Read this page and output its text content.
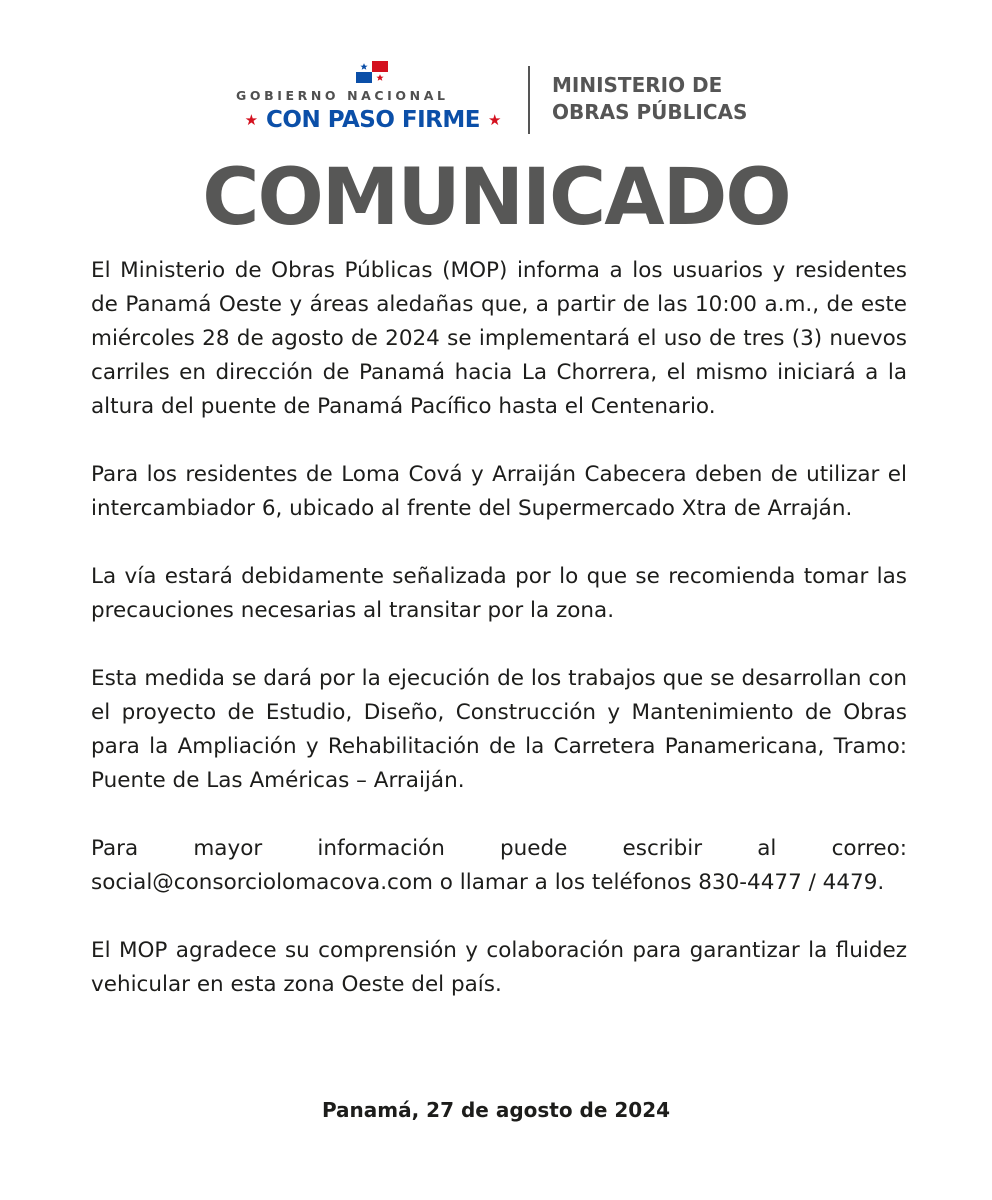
GOBIERNO NACIONAL
★ CON PASO FIRME ★
MINISTERIO DE
OBRAS PÚBLICAS
COMUNICADO

El Ministerio de Obras Públicas (MOP) informa a los usuarios y residentes de Panamá Oeste y áreas aledañas que, a partir de las 10:00 a.m., de este miércoles 28 de agosto de 2024 se implementará el uso de tres (3) nuevos carriles en dirección de Panamá hacia La Chorrera, el mismo iniciará a la altura del puente de Panamá Pacífico hasta el Centenario.

Para los residentes de Loma Cová y Arraiján Cabecera deben de utilizar el intercambiador 6, ubicado al frente del Supermercado Xtra de Arraján.

La vía estará debidamente señalizada por lo que se recomienda tomar las precauciones necesarias al transitar por la zona.

Esta medida se dará por la ejecución de los trabajos que se desarrollan con el proyecto de Estudio, Diseño, Construcción y Mantenimiento de Obras para la Ampliación y Rehabilitación de la Carretera Panamericana, Tramo: Puente de Las Américas – Arraiján.

Para mayor información puede escribir al correo: social@consorciolomacova.com o llamar a los teléfonos 830-4477 / 4479.

El MOP agradece su comprensión y colaboración para garantizar la fluidez vehicular en esta zona Oeste del país.

Panamá, 27 de agosto de 2024
